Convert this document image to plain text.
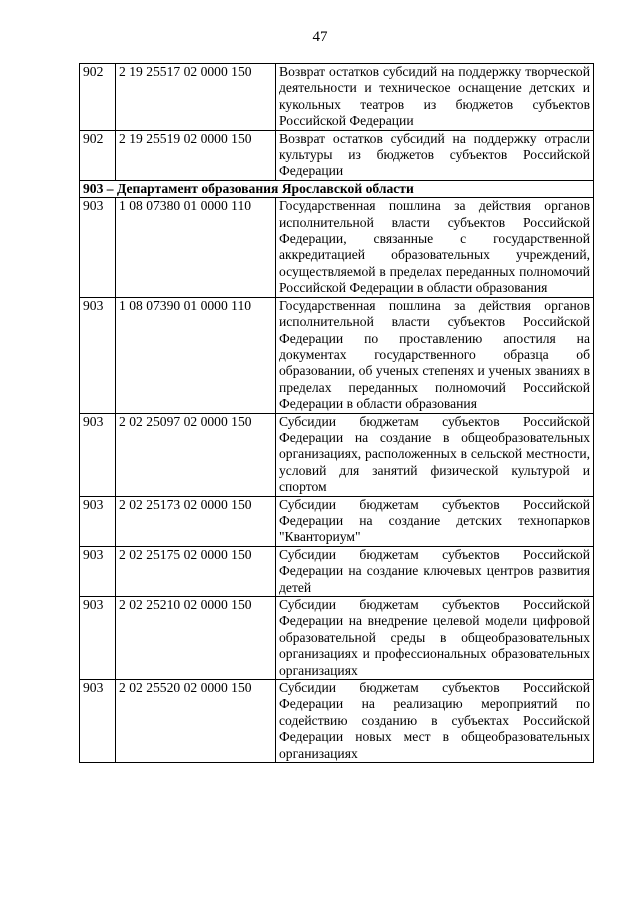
47
902	2 19 25517 02 0000 150	Возврат остатков субсидий на поддержку творческой деятельности и техническое оснащение детских и кукольных театров из бюджетов субъектов Российской Федерации
902	2 19 25519 02 0000 150	Возврат остатков субсидий на поддержку отрасли культуры из бюджетов субъектов Российской Федерации
903 – Департамент образования Ярославской области		
903	1 08 07380 01 0000 110	Государственная пошлина за действия органов исполнительной власти субъектов Российской Федерации, связанные с государственной аккредитацией образовательных учреждений, осуществляемой в пределах переданных полномочий Российской Федерации в области образования
903	1 08 07390 01 0000 110	Государственная пошлина за действия органов исполнительной власти субъектов Российской Федерации по проставлению апостиля на документах государственного образца об образовании, об ученых степенях и ученых званиях в пределах переданных полномочий Российской Федерации в области образования
903	2 02 25097 02 0000 150	Субсидии бюджетам субъектов Российской Федерации на создание в общеобразовательных организациях, расположенных в сельской местности, условий для занятий физической культурой и спортом
903	2 02 25173 02 0000 150	Субсидии бюджетам субъектов Российской Федерации на создание детских технопарков "Кванториум"
903	2 02 25175 02 0000 150	Субсидии бюджетам субъектов Российской Федерации на создание ключевых центров развития детей
903	2 02 25210 02 0000 150	Субсидии бюджетам субъектов Российской Федерации на внедрение целевой модели цифровой образовательной среды в общеобразовательных организациях и профессиональных образовательных организациях
903	2 02 25520 02 0000 150	Субсидии бюджетам субъектов Российской Федерации на реализацию мероприятий по содействию созданию в субъектах Российской Федерации новых мест в общеобразовательных организациях
